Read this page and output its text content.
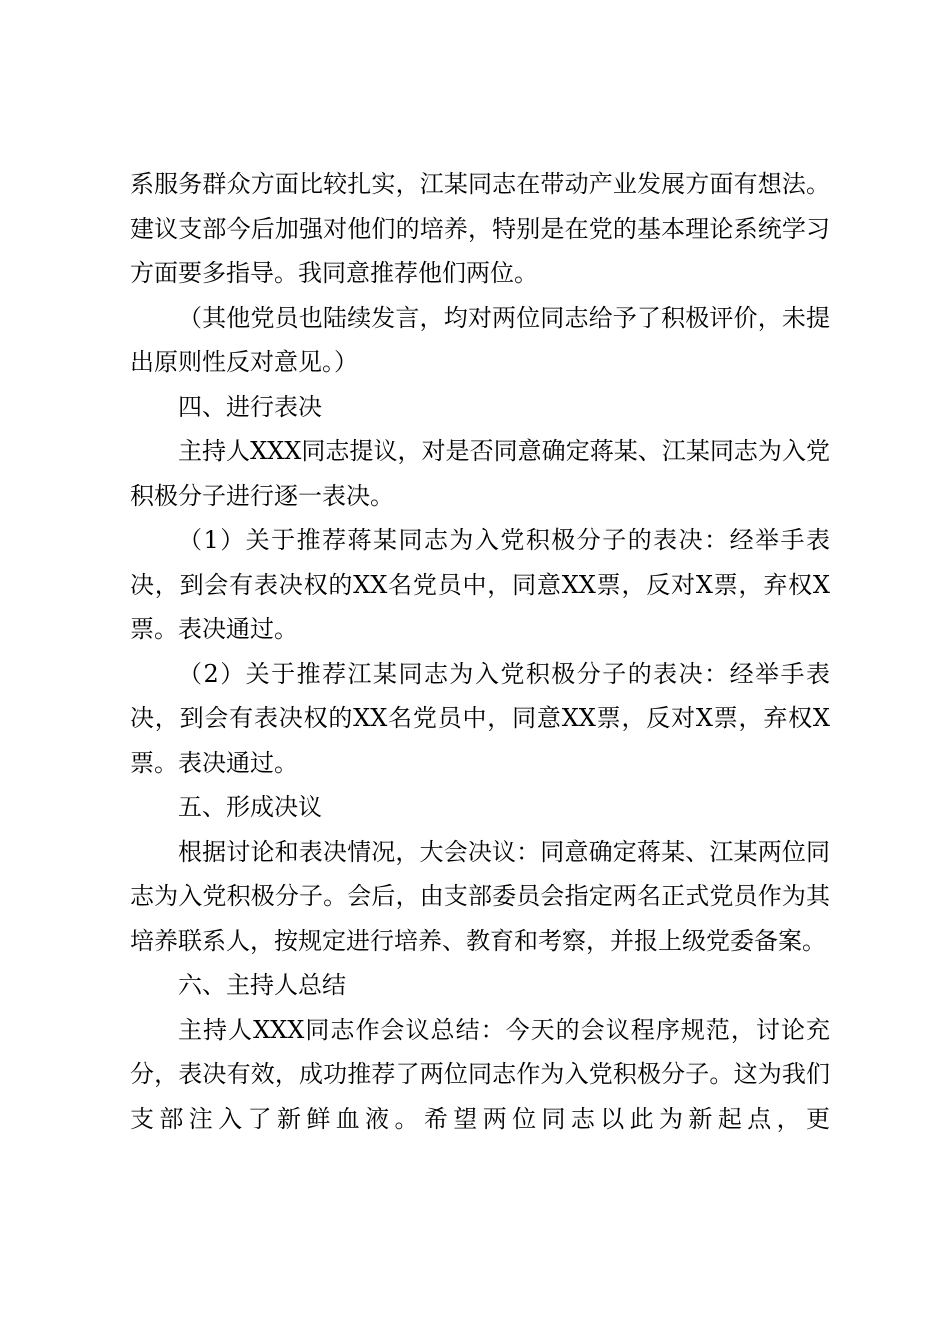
系服务群众方面比较扎实，江某同志在带动产业发展方面有想法。建议支部今后加强对他们的培养，特别是在党的基本理论系统学习方面要多指导。我同意推荐他们两位。

（其他党员也陆续发言，均对两位同志给予了积极评价，未提出原则性反对意见。）

四、进行表决

主持人XXX同志提议，对是否同意确定蒋某、江某同志为入党积极分子进行逐一表决。

（1）关于推荐蒋某同志为入党积极分子的表决：经举手表决，到会有表决权的XX名党员中，同意XX票，反对X票，弃权X票。表决通过。

（2）关于推荐江某同志为入党积极分子的表决：经举手表决，到会有表决权的XX名党员中，同意XX票，反对X票，弃权X票。表决通过。

五、形成决议

根据讨论和表决情况，大会决议：同意确定蒋某、江某两位同志为入党积极分子。会后，由支部委员会指定两名正式党员作为其培养联系人，按规定进行培养、教育和考察，并报上级党委备案。

六、主持人总结

主持人XXX同志作会议总结：今天的会议程序规范，讨论充分，表决有效，成功推荐了两位同志作为入党积极分子。这为我们支部注入了新鲜血液。希望两位同志以此为新起点，更
